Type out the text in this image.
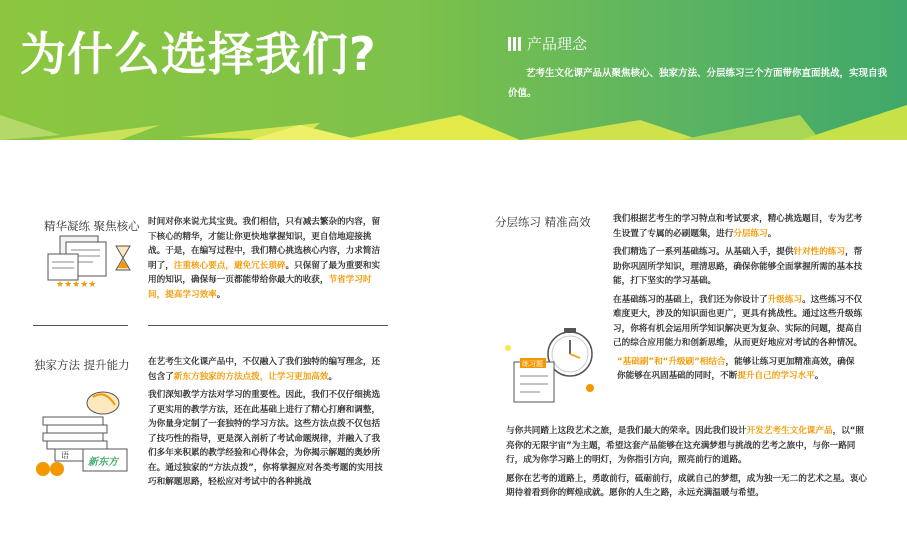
为什么选择我们?	产品理念
艺考生文化课产品从聚焦核心、独家方法、分层练习三个方面带你直面挑战，实现自我价值。
精华凝练 聚焦核心
★★★★★

时间对你来说尤其宝贵。我们相信，只有减去繁杂的内容，留下核心的精华，才能让你更快地掌握知识，更自信地迎接挑战。于是，在编写过程中，我们精心挑选核心内容，力求简洁明了，注重核心要点，避免冗长琐碎。只保留了最为重要和实用的知识，确保每一页都能带给你最大的收获，节省学习时间，提高学习效率。

独家方法 提升能力
新东方
语

在艺考生文化课产品中，不仅融入了我们独特的编写理念，还包含了新东方独家的方法点拨，让学习更加高效。

我们深知教学方法对学习的重要性。因此，我们不仅仔细挑选了更实用的教学方法，还在此基础上进行了精心打磨和调整，为你量身定制了一套独特的学习方法。这些方法点拨不仅包括了技巧性的指导，更是深入剖析了考试命题规律，并融入了我们多年来积累的教学经验和心得体会，为你揭示解题的奥妙所在。通过独家的“方法点拨”，你将掌握应对各类考题的实用技巧和解题思路，轻松应对考试中的各种挑战

分层练习 精准高效
练习题

我们根据艺考生的学习特点和考试要求，精心挑选题目，专为艺考生设置了专属的必刷题集，进行分层练习。

我们精选了一系列基础练习。从基础入手，提供针对性的练习，帮助你巩固所学知识，理清思路，确保你能够全面掌握所需的基本技能，打下坚实的学习基础。

在基础练习的基础上，我们还为你设计了升级练习。这些练习不仅难度更大，涉及的知识面也更广，更具有挑战性。通过这些升级练习，你将有机会运用所学知识解决更为复杂、实际的问题，提高自己的综合应用能力和创新思维，从而更好地应对考试的各种情况。

“基础刷”和“升级刷”相结合，能够让练习更加精准高效，确保你能够在巩固基础的同时，不断提升自己的学习水平。

与你共同踏上这段艺术之旅，是我们最大的荣幸。因此我们设计开发艺考生文化课产品，以“照亮你的无限宇宙”为主题，希望这套产品能够在这充满梦想与挑战的艺考之旅中，与你一路同行，成为你学习路上的明灯，为你指引方向，照亮前行的道路。

愿你在艺考的道路上，勇敢前行，砥砺前行，成就自己的梦想，成为独一无二的艺术之星。衷心期待着看到你的辉煌成就。愿你的人生之路，永远充满温暖与希望。
